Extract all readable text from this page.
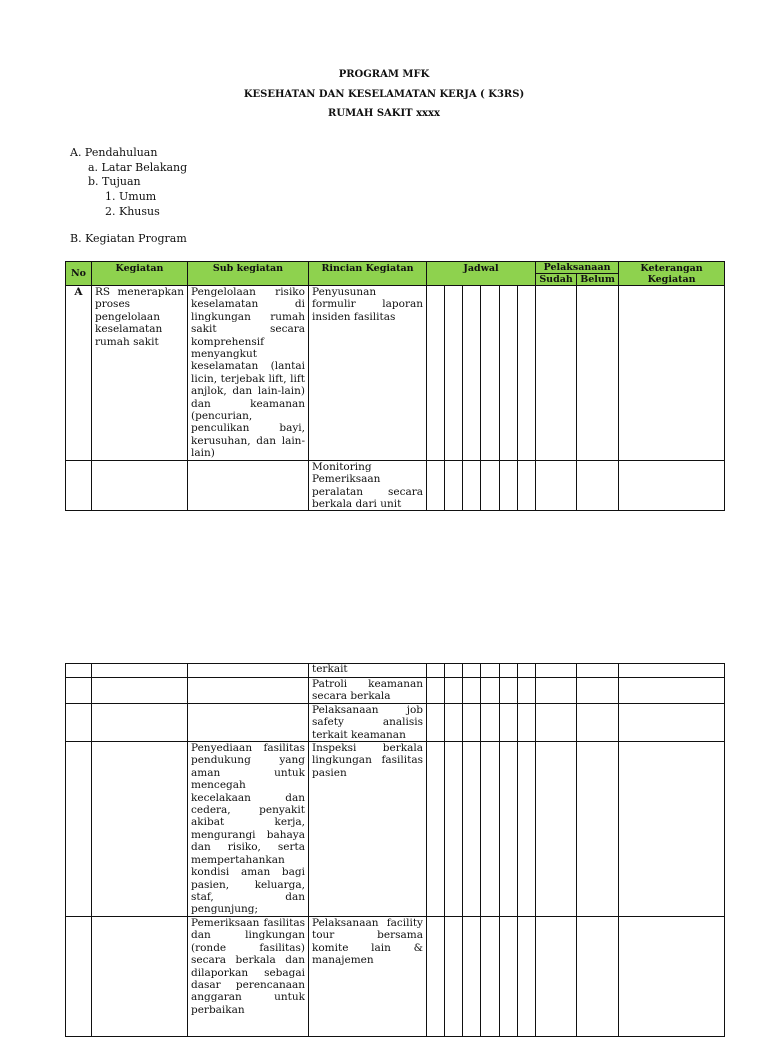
PROGRAM MFK
KESEHATAN DAN KESELAMATAN KERJA ( K3RS)
RUMAH SAKIT xxxx
A. Pendahuluan
a. Latar Belakang
b. Tujuan
1. Umum
2. Khusus
B. Kegiatan Program
No	Kegiatan	Sub kegiatan	Rincian Kegiatan	Jadwal						Pelaksanaan		Keterangan Kegiatan
										Sudah	Belum	
A	RS menerapkan proses pengelolaan keselamatan rumah sakit	Pengelolaan risiko keselamatan di lingkungan rumah sakit secara komprehensif menyangkut keselamatan (lantai licin, terjebak lift, lift anjlok, dan lain-lain) dan keamanan (pencurian, penculikan bayi, kerusuhan, dan lain-lain)	Penyusunan formulir laporan insiden fasilitas									

			Monitoring Pemeriksaan peralatan secara berkala dari unit									

			terkait									

			Patroli keamanan secara berkala									
			Pelaksanaan job safety analisis terkait keamanan									
		Penyediaan fasilitas pendukung yang aman untuk mencegah kecelakaan dan cedera, penyakit akibat kerja, mengurangi bahaya dan risiko, serta mempertahankan kondisi aman bagi pasien, keluarga, staf, dan pengunjung;	Inspeksi berkala lingkungan fasilitas pasien									

		Pemeriksaan fasilitas dan lingkungan (ronde fasilitas) secara berkala dan dilaporkan sebagai dasar perencanaan anggaran untuk perbaikan	Pelaksanaan facility tour bersama komite lain & manajemen									
